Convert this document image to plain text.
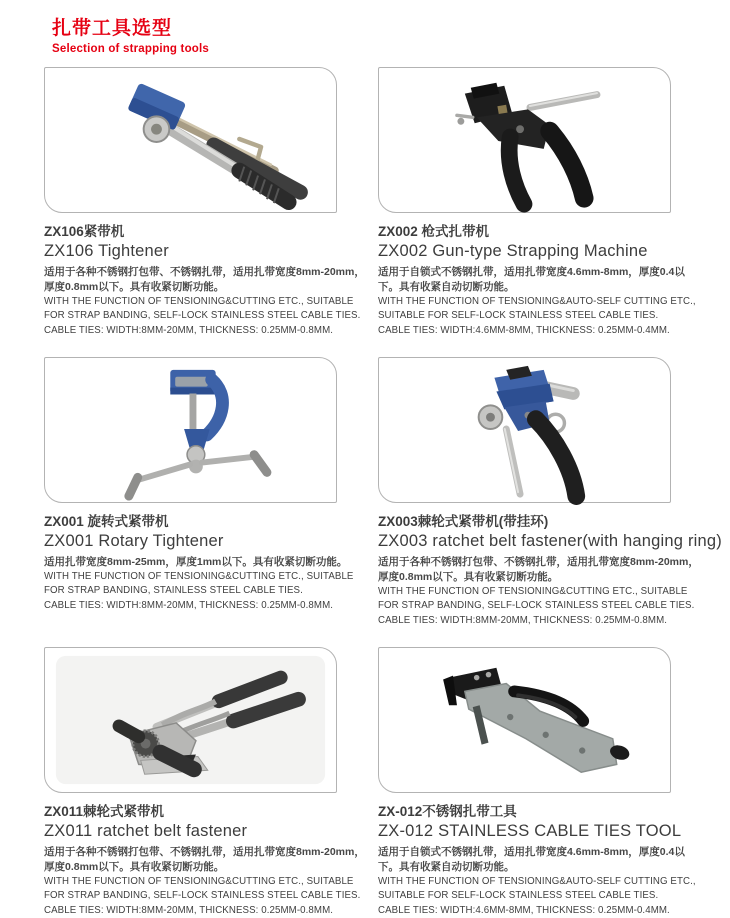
扎带工具选型
Selection of strapping tools
ZX106紧带机
ZX106 Tightener
适用于各种不锈钢打包带、不锈钢扎带，适用扎带宽度8mm-20mm，厚度0.8mm以下。具有收紧切断功能。
WITH THE FUNCTION OF TENSIONING&CUTTING ETC., SUITABLE FOR STRAP BANDING, SELF-LOCK STAINLESS STEEL CABLE TIES.
CABLE TIES: WIDTH:8MM-20MM, THICKNESS: 0.25MM-0.8MM.
ZX002 枪式扎带机
ZX002 Gun-type Strapping Machine
适用于自锁式不锈钢扎带，适用扎带宽度4.6mm-8mm，厚度0.4以下。具有收紧自动切断功能。
WITH THE FUNCTION OF TENSIONING&AUTO-SELF CUTTING ETC., SUITABLE FOR SELF-LOCK STAINLESS STEEL CABLE TIES.
CABLE TIES: WIDTH:4.6MM-8MM, THICKNESS: 0.25MM-0.4MM.
ZX001 旋转式紧带机
ZX001 Rotary Tightener
适用扎带宽度8mm-25mm，厚度1mm以下。具有收紧切断功能。
WITH THE FUNCTION OF TENSIONING&CUTTING ETC., SUITABLE FOR STRAP BANDING, STAINLESS STEEL CABLE TIES.
CABLE TIES: WIDTH:8MM-20MM, THICKNESS: 0.25MM-0.8MM.
ZX003棘轮式紧带机(带挂环)
ZX003 ratchet belt fastener(with hanging ring)
适用于各种不锈钢打包带、不锈钢扎带，适用扎带宽度8mm-20mm，厚度0.8mm以下。具有收紧切断功能。
WITH THE FUNCTION OF TENSIONING&CUTTING ETC., SUITABLE FOR STRAP BANDING, SELF-LOCK STAINLESS STEEL CABLE TIES.
CABLE TIES: WIDTH:8MM-20MM, THICKNESS: 0.25MM-0.8MM.
ZX011棘轮式紧带机
ZX011 ratchet belt fastener
适用于各种不锈钢打包带、不锈钢扎带，适用扎带宽度8mm-20mm，厚度0.8mm以下。具有收紧切断功能。
WITH THE FUNCTION OF TENSIONING&CUTTING ETC., SUITABLE FOR STRAP BANDING, SELF-LOCK STAINLESS STEEL CABLE TIES.
CABLE TIES: WIDTH:8MM-20MM, THICKNESS: 0.25MM-0.8MM.
ZX-012不锈钢扎带工具
ZX-012 STAINLESS CABLE TIES TOOL
适用于自锁式不锈钢扎带，适用扎带宽度4.6mm-8mm，厚度0.4以下。具有收紧自动切断功能。
WITH THE FUNCTION OF TENSIONING&AUTO-SELF CUTTING ETC., SUITABLE FOR SELF-LOCK STAINLESS STEEL CABLE TIES.
CABLE TIES: WIDTH:4.6MM-8MM, THICKNESS: 0.25MM-0.4MM.
